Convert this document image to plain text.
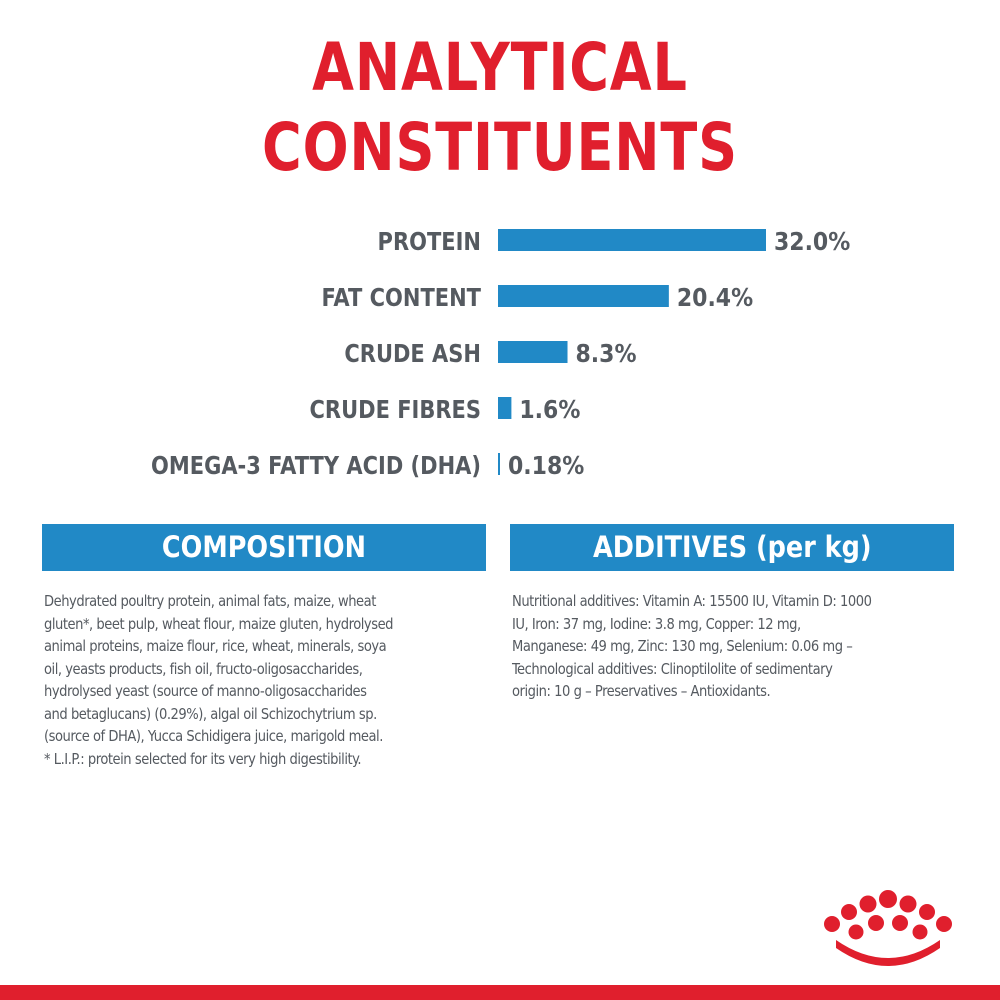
ANALYTICAL
CONSTITUENTS
PROTEIN	32.0%
FAT CONTENT	20.4%
CRUDE ASH	8.3%
CRUDE FIBRES 1.6%
OMEGA-3 FATTY ACID (DHA) 0.18%
COMPOSITION	ADDITIVES (per kg)
Dehydrated poultry protein, animal fats, maize, wheat
gluten*, beet pulp, wheat flour, maize gluten, hydrolysed
animal proteins, maize flour, rice, wheat, minerals, soya
oil, yeasts products, fish oil, fructo-oligosaccharides,
hydrolysed yeast (source of manno-oligosaccharides
and betaglucans) (0.29%), algal oil Schizochytrium sp.
(source of DHA), Yucca Schidigera juice, marigold meal.
* L.I.P.: protein selected for its very high digestibility.
Nutritional additives: Vitamin A: 15500 IU, Vitamin D: 1000
IU, Iron: 37 mg, Iodine: 3.8 mg, Copper: 12 mg,
Manganese: 49 mg, Zinc: 130 mg, Selenium: 0.06 mg –
Technological additives: Clinoptilolite of sedimentary
origin: 10 g – Preservatives – Antioxidants.
